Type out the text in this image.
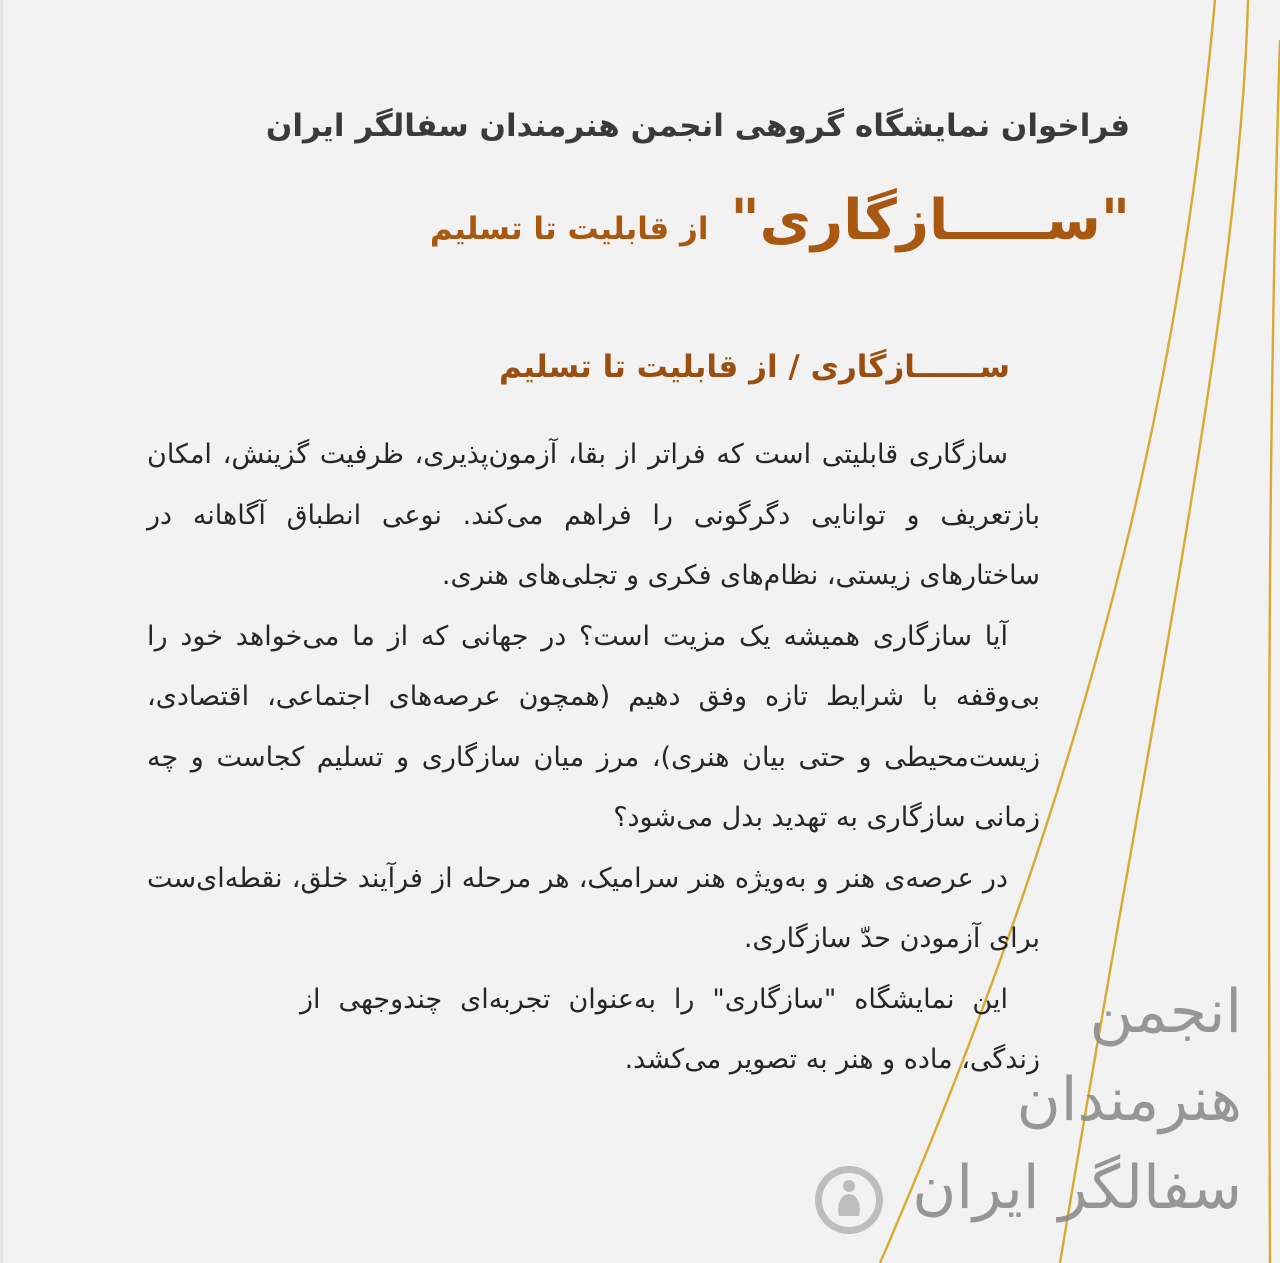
فراخوان نمایشگاه گروهی انجمن هنرمندان سفالگر ایران
"ســـــازگاری"از قابلیت تا تسلیم
ســــــازگاری / از قابلیت تا تسلیم

سازگاری قابلیتی است که فراتر از بقا، آزمون‌پذیری، ظرفیت گزینش، امکان بازتعریف و توانایی دگرگونی را فراهم می‌کند. نوعی انطباق آگاهانه در ساختارهای زیستی، نظام‌های فکری و تجلی‌های هنری.

آیا سازگاری همیشه یک مزیت است؟ در جهانی که از ما می‌خواهد خود را بی‌وقفه با شرایط تازه وفق دهیم (همچون عرصه‌های اجتماعی، اقتصادی، زیست‌محیطی و حتی بیان هنری)، مرز میان سازگاری و تسلیم کجاست و چه زمانی سازگاری به تهدید بدل می‌شود؟

در عرصه‌ی هنر و به‌ویژه هنر سرامیک، هر مرحله از فرآیند خلق، نقطه‌ای‌ست برای آزمودن حدّ سازگاری.

این نمایشگاه "سازگاری" را به‌عنوان تجربه‌ای چندوجهی از زندگی، ماده و هنر به تصویر می‌کشد.

انجمن
هنرمندان
سفالگر ایران
